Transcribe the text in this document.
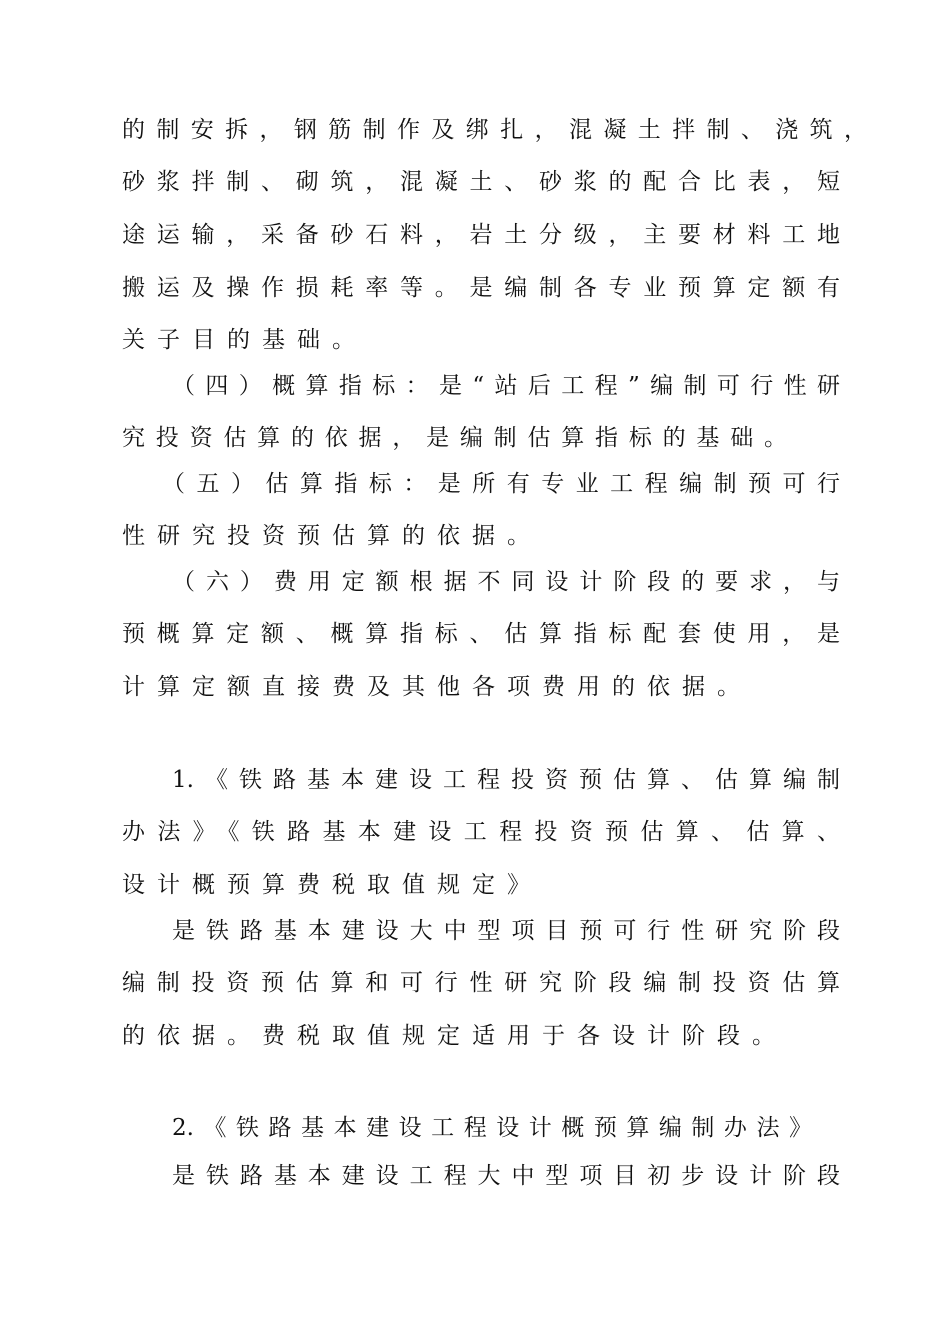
的制安拆，钢筋制作及绑扎，混凝土拌制、浇筑，
砂浆拌制、砌筑，混凝土、砂浆的配合比表，短
途运输，采备砂石料，岩土分级，主要材料工地
搬运及操作损耗率等。是编制各专业预算定额有
关子目的基础。
（四）概算指标：是“站后工程”编制可行性研
究投资估算的依据，是编制估算指标的基础。
（五）估算指标：是所有专业工程编制预可行
性研究投资预估算的依据。
（六）费用定额根据不同设计阶段的要求，与
预概算定额、概算指标、估算指标配套使用，是
计算定额直接费及其他各项费用的依据。
1.《铁路基本建设工程投资预估算、估算编制
办法》《铁路基本建设工程投资预估算、估算、
设计概预算费税取值规定》
是铁路基本建设大中型项目预可行性研究阶段
编制投资预估算和可行性研究阶段编制投资估算
的依据。费税取值规定适用于各设计阶段。
2.《铁路基本建设工程设计概预算编制办法》
是铁路基本建设工程大中型项目初步设计阶段
